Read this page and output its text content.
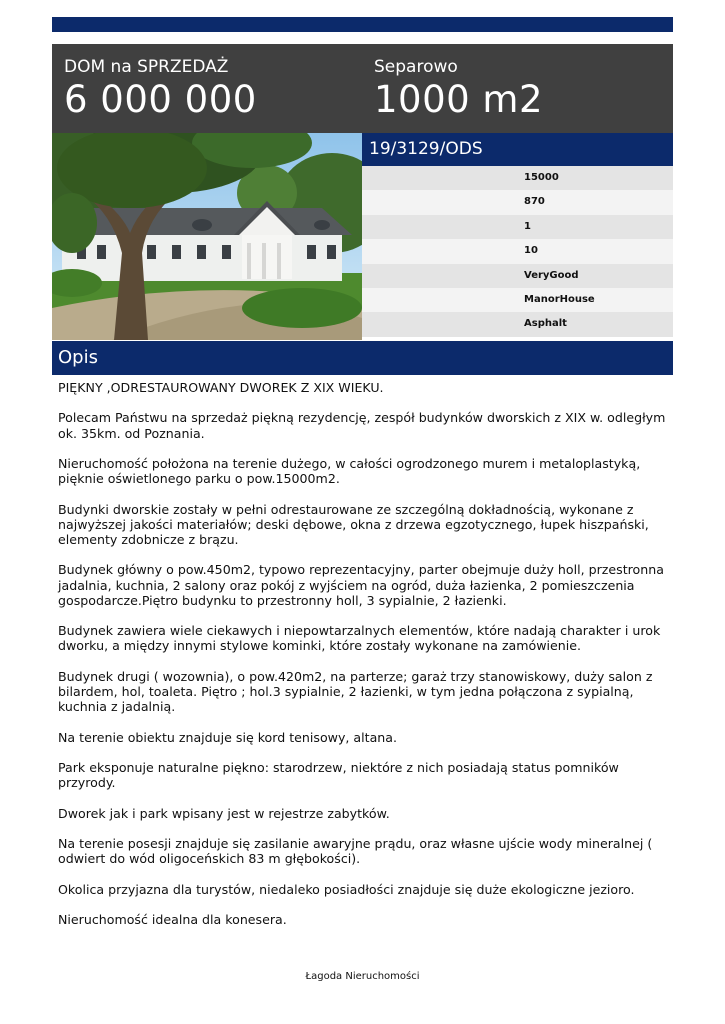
DOM na SPRZEDAŻ
6 000 000
Separowo
1000 m2
19/3129/ODS
15000
870
1
10
VeryGood
ManorHouse
Asphalt
Opis

PIĘKNY ,ODRESTAUROWANY DWOREK Z XIX WIEKU.

Polecam Państwu na sprzedaż piękną rezydencję, zespół budynków dworskich z XIX w. odległym ok. 35km. od Poznania.

Nieruchomość położona na terenie dużego, w całości ogrodzonego murem i metaloplastyką, pięknie oświetlonego parku o pow.15000m2.

Budynki dworskie zostały w pełni odrestaurowane ze szczególną dokładnością, wykonane z najwyższej jakości materiałów; deski dębowe, okna z drzewa egzotycznego, łupek hiszpański, elementy zdobnicze z brązu.

Budynek główny o pow.450m2, typowo reprezentacyjny, parter obejmuje duży holl, przestronna jadalnia, kuchnia, 2 salony oraz pokój z wyjściem na ogród, duża łazienka, 2 pomieszczenia gospodarcze.Piętro budynku to przestronny holl, 3 sypialnie, 2 łazienki.

Budynek zawiera wiele ciekawych i niepowtarzalnych elementów, które nadają charakter i urok dworku, a między innymi stylowe kominki, które zostały wykonane na zamówienie.

Budynek drugi ( wozownia), o pow.420m2, na parterze; garaż trzy stanowiskowy, duży salon z bilardem, hol, toaleta. Piętro ; hol.3 sypialnie, 2 łazienki, w tym jedna połączona z sypialną, kuchnia z jadalnią.

Na terenie obiektu znajduje się kord tenisowy, altana.

Park eksponuje naturalne piękno: starodrzew, niektóre z nich posiadają status pomników przyrody.

Dworek jak i park wpisany jest w rejestrze zabytków.

Na terenie posesji znajduje się zasilanie awaryjne prądu, oraz własne ujście wody mineralnej ( odwiert do wód oligoceńskich 83 m głębokości).

Okolica przyjazna dla turystów, niedaleko posiadłości znajduje się duże ekologiczne jezioro.

Nieruchomość idealna dla konesera.

Łagoda Nieruchomości
